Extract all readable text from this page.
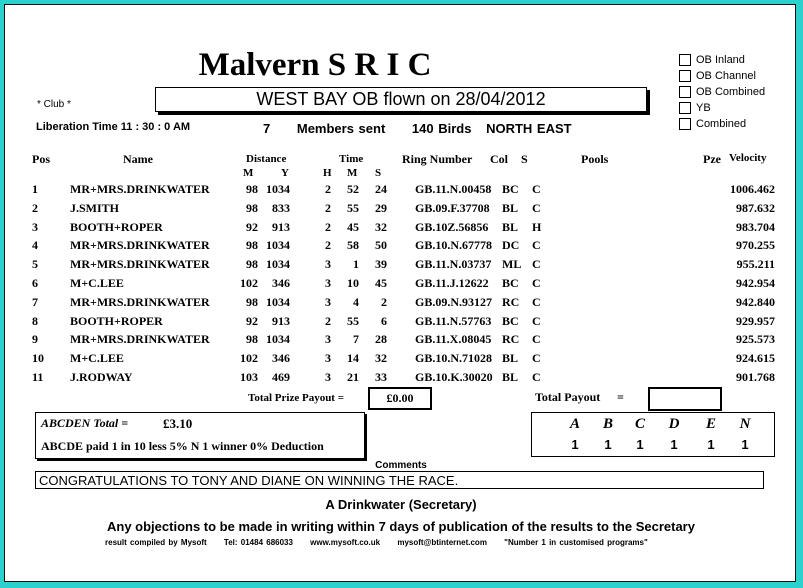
Malvern S R I C
* Club *	WEST BAY OB flown on 28/04/2012
Liberation Time 11 : 30 : 0 AM	7 Members sent 140 Birds NORTH EAST
OB Inland
OB Channel
OB Combined
YB
Combined
Pos	Name	Distance	Time	Ring Number Col S	Pools	Pze Velocity
M	Y	H M S
1	MR+MRS.DRINKWATER	98 1034	2	52	24 GB.11.N.00458 BC C	1006.462
2	J.SMITH	98	833	2	55	29 GB.09.F.37708 BL C	987.632
3	BOOTH+ROPER	92	913	2	45	32 GB.10Z.56856 BL H	983.704
4	MR+MRS.DRINKWATER	98 1034	2	58	50 GB.10.N.67778 DC C	970.255
5	MR+MRS.DRINKWATER	98 1034	3	1	39 GB.11.N.03737 ML C	955.211
6	M+C.LEE	102	346	3	10	45 GB.11.J.12622 BC C	942.954
7	MR+MRS.DRINKWATER	98 1034	3	4	2 GB.09.N.93127 RC C	942.840
8	BOOTH+ROPER	92	913	2	55	6 GB.11.N.57763 BC C	929.957
9	MR+MRS.DRINKWATER	98 1034	3	7	28 GB.11.X.08045 RC C	925.573
10 M+C.LEE	102	346	3	14	32 GB.10.N.71028 BL C	924.615
11 J.RODWAY	103	469	3	21	33 GB.10.K.30020 BL C	901.768
Total Prize Payout =	£0.00	Total Payout =
ABCDEN Total =	£3.10
ABCDE paid 1 in 10 less 5% N 1 winner 0% Deduction
A	B	C	D	E	N
1	1	1	1	1	1
Comments
CONGRATULATIONS TO TONY AND DIANE ON WINNING THE RACE.
A Drinkwater (Secretary)
Any objections to be made in writing within 7 days of publication of the results to the Secretary
result compiled by Mysoft Tel: 01484 686033 www.mysoft.co.uk mysoft@btinternet.com "Number 1 in customised programs"
